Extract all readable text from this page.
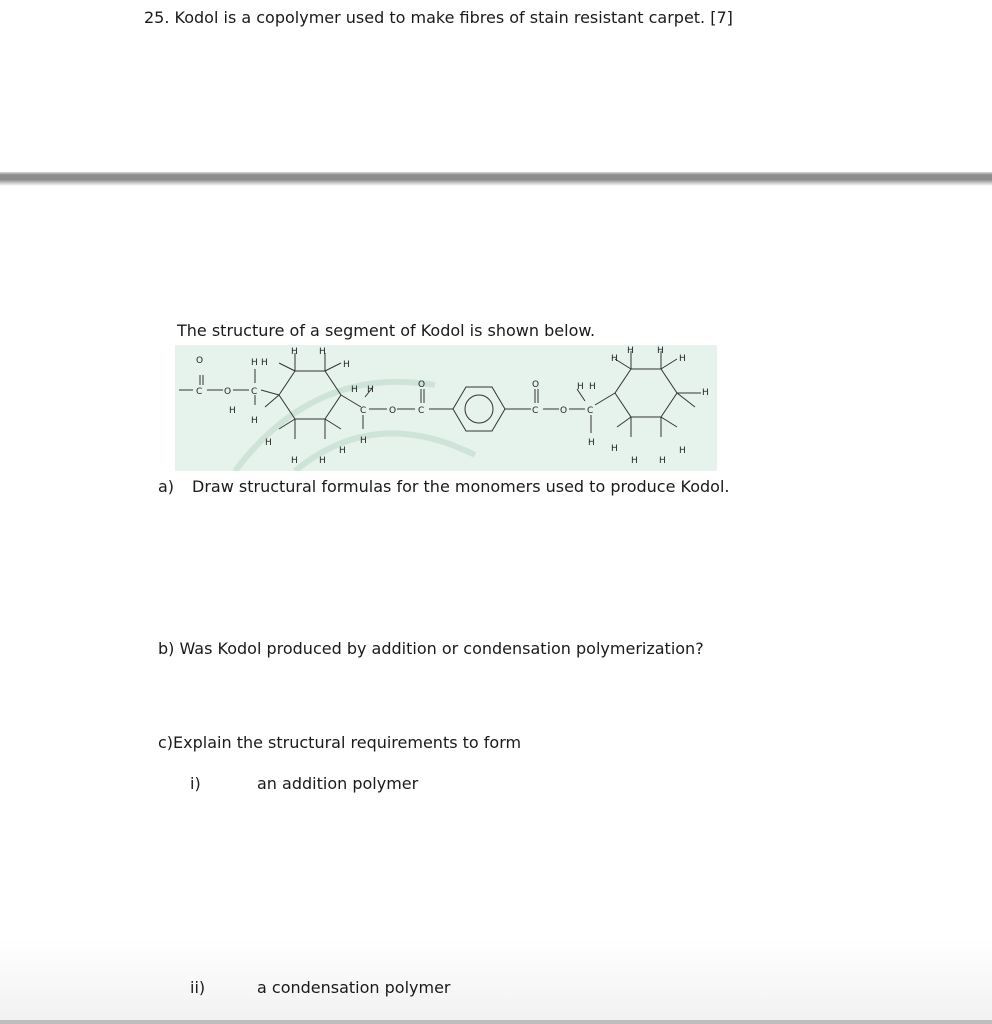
25. Kodol is a copolymer used to make fibres of stain resistant carpet. [7]
The structure of a segment of Kodol is shown below.
O
C O C
H H
H
H
H H
H
H H
C
H
O
O
C
H
H H
H
O
C O C
H H
H
H
H	H
H
H
H
H H
H
a) Draw structural formulas for the monomers used to produce Kodol.
b) Was Kodol produced by addition or condensation polymerization?
c)Explain the structural requirements to form
i)	an addition polymer
ii)	a condensation polymer
